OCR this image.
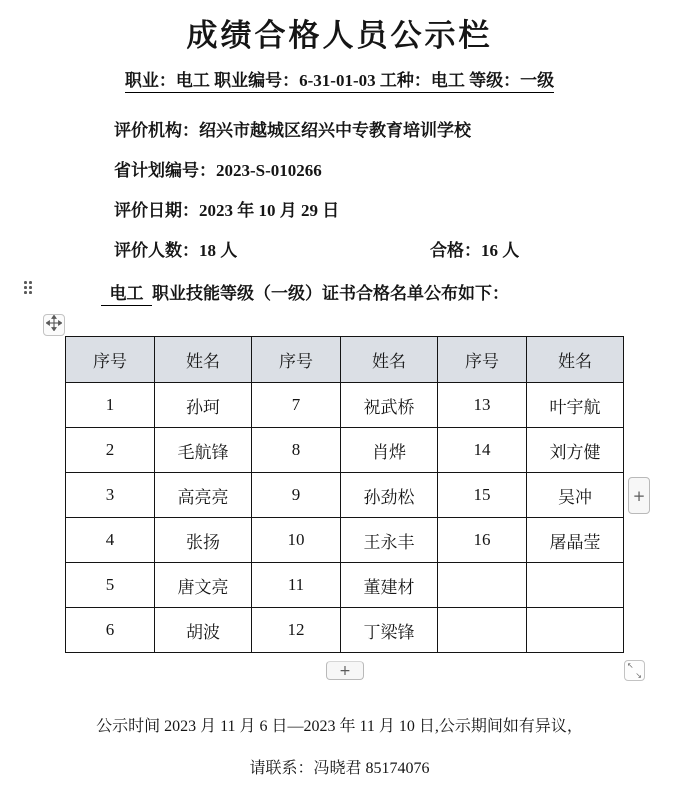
成绩合格人员公示栏
职业：电工 职业编号：6-31-01-03 工种：电工 等级：一级
评价机构：绍兴市越城区绍兴中专教育培训学校
省计划编号：2023-S-010266
评价日期：2023 年 10 月 29 日
评价人数：18 人	合格：16 人
电工  职业技能等级（一级）证书合格名单公布如下：
序号	姓名	序号	姓名	序号	姓名
1	孙珂	7	祝武桥	13	叶宇航
2	毛航锋	8	肖烨	14	刘方健
3	高亮亮	9	孙劲松	15	吴冲
4	张扬	10	王永丰	16	屠晶莹
5	唐文亮	11	董建材		
6	胡波	12	丁梁锋		
+
+	↖
↘
公示时间 2023 月 11 月 6 日—2023 年 11 月 10 日,公示期间如有异议，
请联系：冯晓君 85174076
